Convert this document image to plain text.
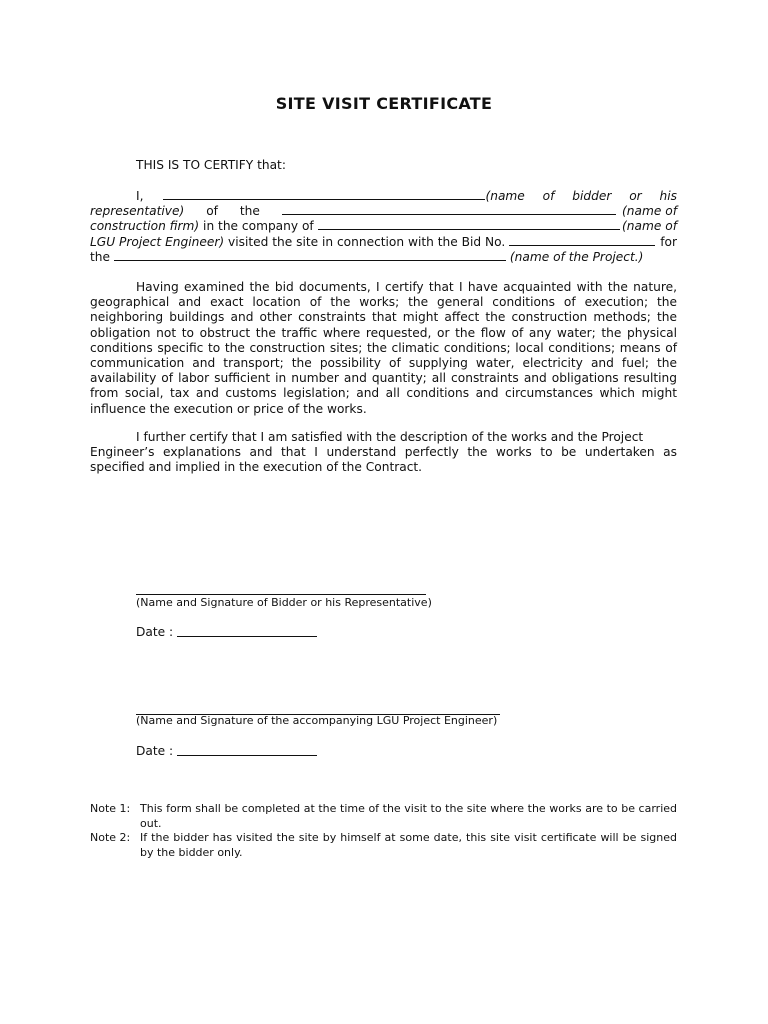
SITE VISIT CERTIFICATE
THIS IS TO CERTIFY that:
I,	(name of bidder or his
representative) of the	(name of
construction firm) in the company of	(name of
LGU Project Engineer) visited the site in connection with the Bid No.	for
the	(name of the Project.)
Having examined the bid documents, I certify that I have acquainted with the nature, geographical and exact location of the works; the general conditions of execution; the neighboring buildings and other constraints that might affect the construction methods; the obligation not to obstruct the traffic where requested, or the flow of any water; the physical conditions specific to the construction sites; the climatic conditions; local conditions; means of communication and transport; the possibility of supplying water, electricity and fuel; the availability of labor sufficient in number and quantity; all constraints and obligations resulting from social, tax and customs legislation; and all conditions and circumstances which might influence the execution or price of the works.
I further certify that I am satisfied with the description of the works and the Project
Engineer’s explanations and that I understand perfectly the works to be undertaken as specified and implied in the execution of the Contract.
(Name and Signature of Bidder or his Representative)
Date :
(Name and Signature of the accompanying LGU Project Engineer)
Date :
Note 1: This form shall be completed at the time of the visit to the site where the works are to be carried out.
Note 2: If the bidder has visited the site by himself at some date, this site visit certificate will be signed by the bidder only.
